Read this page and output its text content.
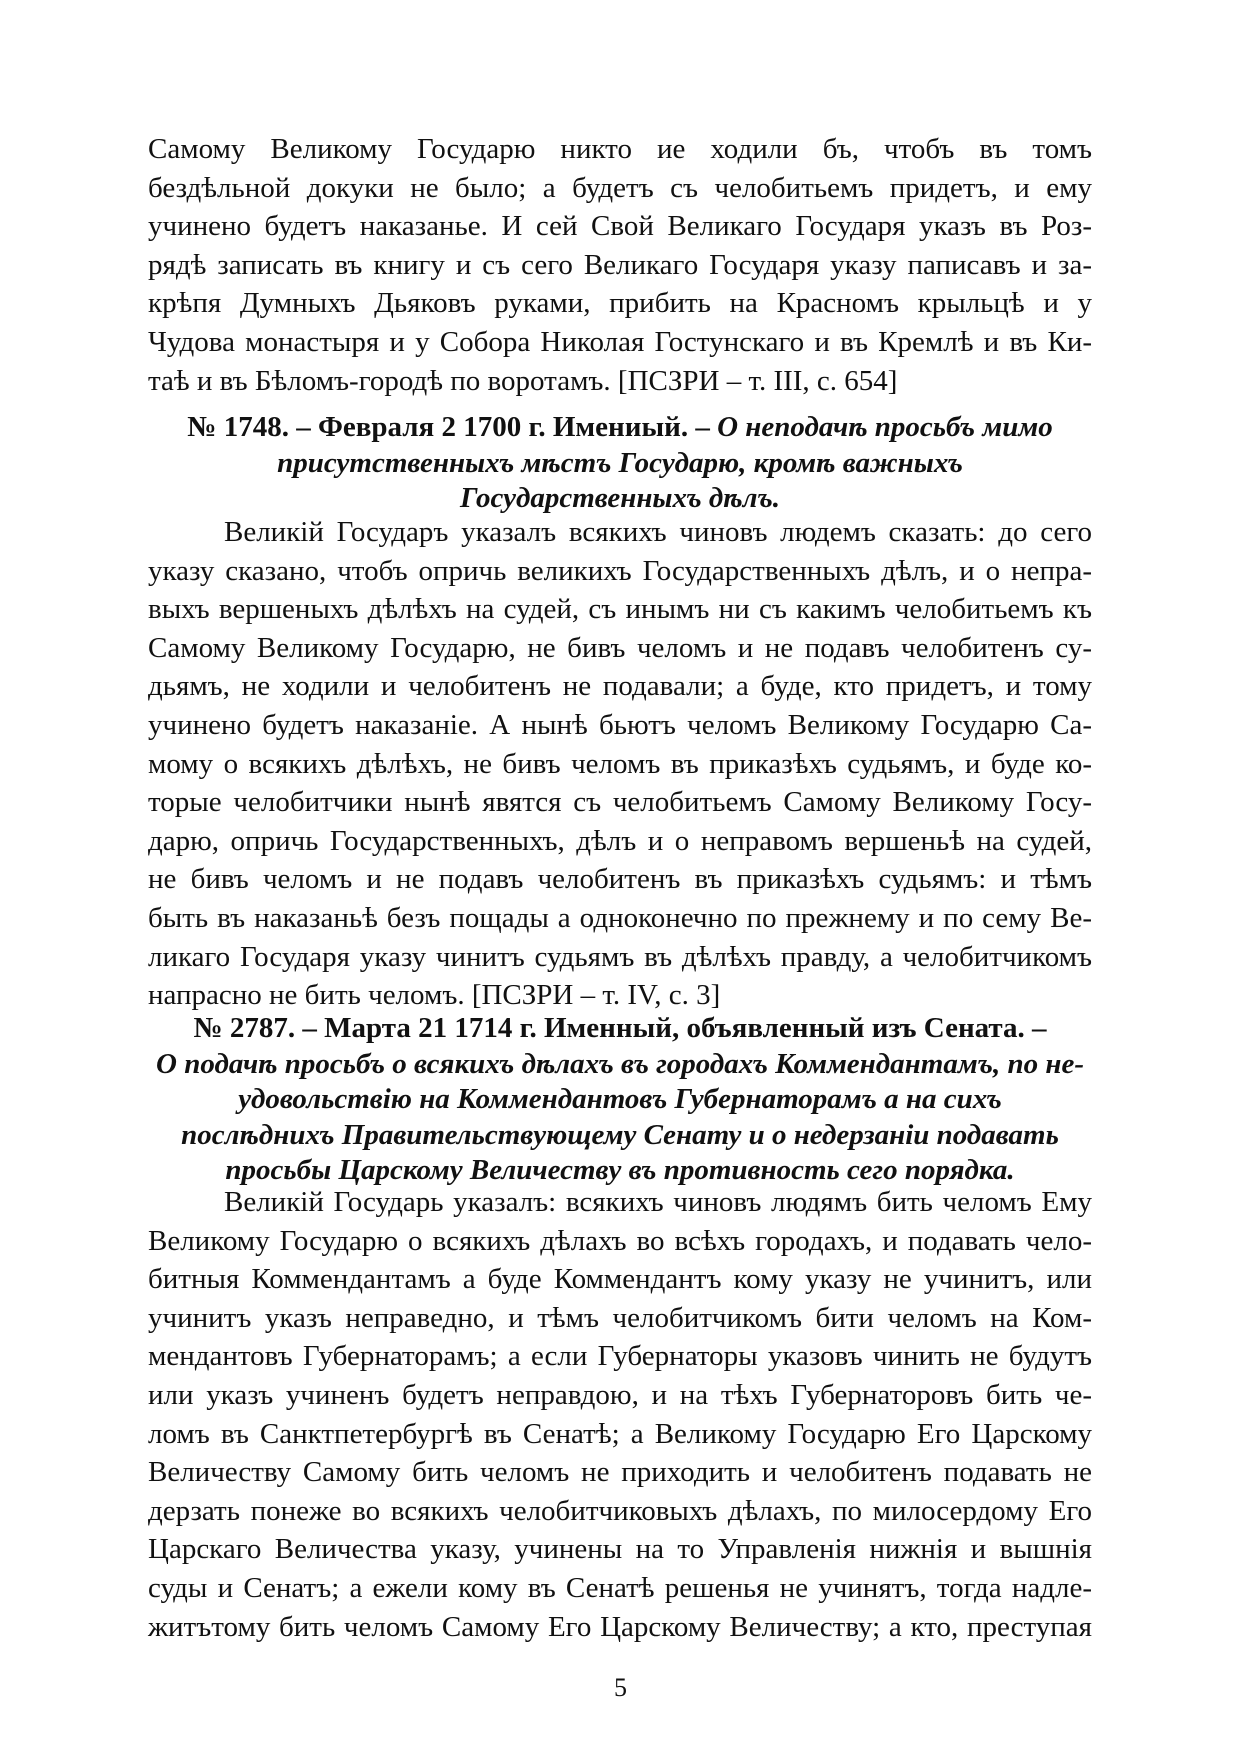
Самому Великому Государю никто ие ходили бъ, чтобъ въ томъ
бездѣльной докуки не было; а будетъ съ челобитьемъ придетъ, и ему
учинено будетъ наказанье. И сей Свой Великаго Государя указъ въ Роз-
рядѣ записать въ книгу и съ сего Великаго Государя указу паписавъ и за-
крѣпя Думныхъ Дьяковъ руками, прибить на Красномъ крыльцѣ и у
Чудова монастыря и у Собора Николая Гостунскаго и въ Кремлѣ и въ Ки-
таѣ и въ Бѣломъ-городѣ по воротамъ. [ПСЗРИ – т. III, с. 654]
№ 1748. – Февраля 2 1700 г. Имениый. – О неподачѣ просьбъ мимо
присутственныхъ мѣстъ Государю, кромѣ важныхъ
Государственныхъ дѣлъ.
Великій Государъ указалъ всякихъ чиновъ людемъ сказать: до сего
указу сказано, чтобъ опричь великихъ Государственныхъ дѣлъ, и о непра-
выхъ вершеныхъ дѣлѣхъ на судей, съ инымъ ни съ какимъ челобитьемъ къ
Самому Великому Государю, не бивъ челомъ и не подавъ челобитенъ су-
дьямъ, не ходили и челобитенъ не подавали; а буде, кто придетъ, и тому
учинено будетъ наказаніе. А нынѣ бьютъ челомъ Великому Государю Са-
мому о всякихъ дѣлѣхъ, не бивъ челомъ въ приказѣхъ судьямъ, и буде ко-
торые челобитчики нынѣ явятся съ челобитьемъ Самому Великому Госу-
дарю, опричь Государственныхъ, дѣлъ и о неправомъ вершеньѣ на судей,
не бивъ челомъ и не подавъ челобитенъ въ приказѣхъ судьямъ: и тѣмъ
быть въ наказаньѣ безъ пощады а одноконечно по прежнему и по сему Ве-
ликаго Государя указу чинитъ судьямъ въ дѣлѣхъ правду, а челобитчикомъ
напрасно не бить челомъ. [ПСЗРИ – т. IV, с. 3]
№ 2787. – Марта 21 1714 г. Именный, объявленный изъ Сената. –
О подачѣ просьбъ о всякихъ дѣлахъ въ городахъ Коммендантамъ, по не-
удовольствію на Коммендантовъ Губернаторамъ а на сихъ
послѣднихъ Правительствующему Сенату и о недерзаніи подавать
просьбы Царскому Величеству въ противность сего порядка.
Великій Государь указалъ: всякихъ чиновъ людямъ бить челомъ Ему
Великому Государю о всякихъ дѣлахъ во всѣхъ городахъ, и подавать чело-
битныя Коммендантамъ а буде Коммендантъ кому указу не учинитъ, или
учинитъ указъ неправедно, и тѣмъ челобитчикомъ бити челомъ на Ком-
мендантовъ Губернаторамъ; а если Губернаторы указовъ чинить не будутъ
или указъ учиненъ будетъ неправдою, и на тѣхъ Губернаторовъ бить че-
ломъ въ Санктпетербургѣ въ Сенатѣ; а Великому Государю Его Царскому
Величеству Самому бить челомъ не приходить и челобитенъ подавать не
дерзать понеже во всякихъ челобитчиковыхъ дѣлахъ, по милосердому Его
Царскаго Величества указу, учинены на то Управленія нижнія и вышнія
суды и Сенатъ; а ежели кому въ Сенатѣ решенья не учинятъ, тогда надле-
житътому бить челомъ Самому Его Царскому Величеству; а кто, преступая
5
